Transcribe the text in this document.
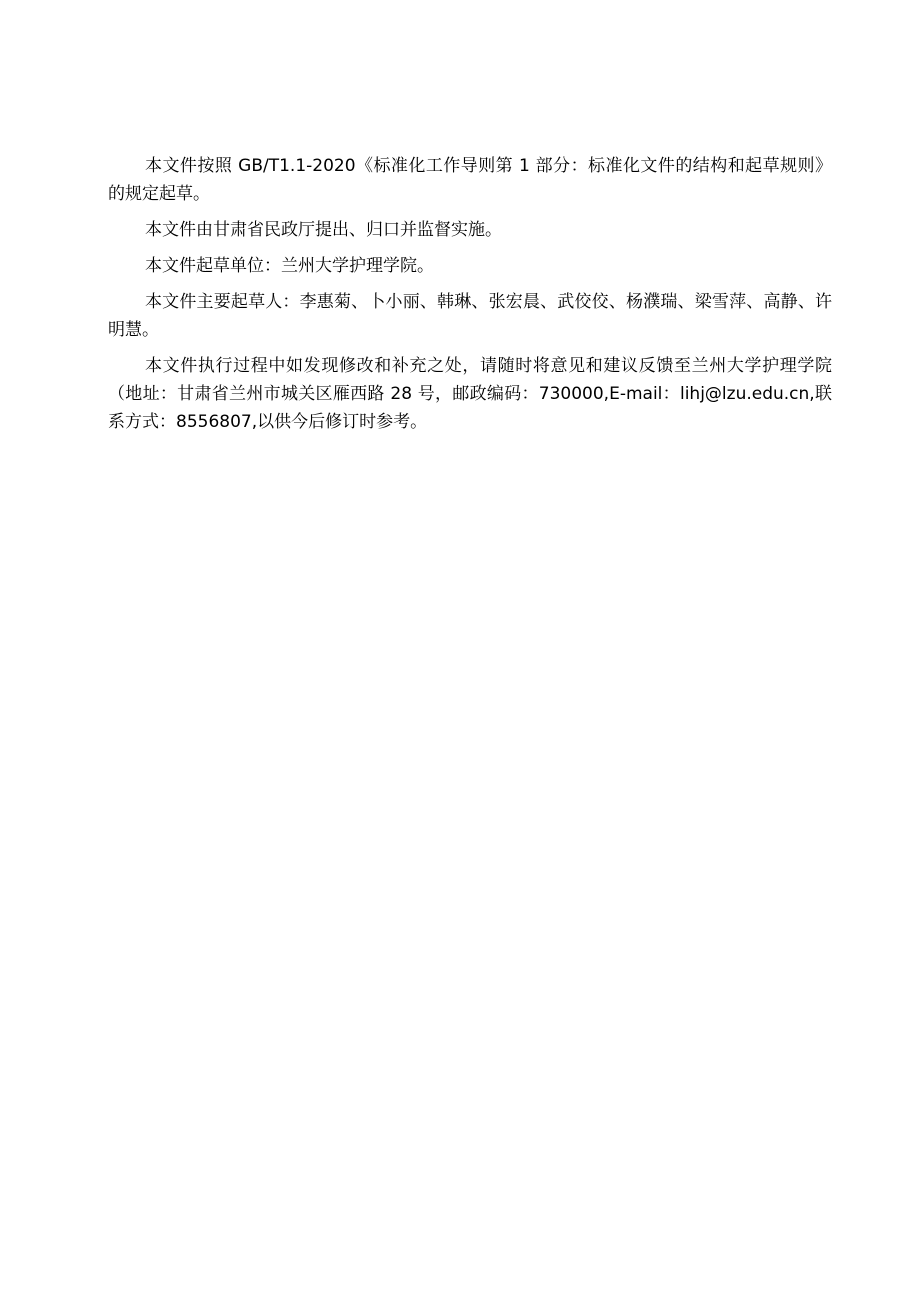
本文件按照 GB/T1.1-2020《标准化工作导则第 1 部分：标准化文件的结构和起草规则》的规定起草。

本文件由甘肃省民政厅提出、归口并监督实施。

本文件起草单位：兰州大学护理学院。

本文件主要起草人：李惠菊、卜小丽、韩琳、张宏晨、武佼佼、杨濮瑞、梁雪萍、高静、许明慧。

本文件执行过程中如发现修改和补充之处，请随时将意见和建议反馈至兰州大学护理学院（地址：甘肃省兰州市城关区雁西路 28 号，邮政编码：730000,E-mail：lihj@lzu.edu.cn,联系方式：8556807,以供今后修订时参考。
